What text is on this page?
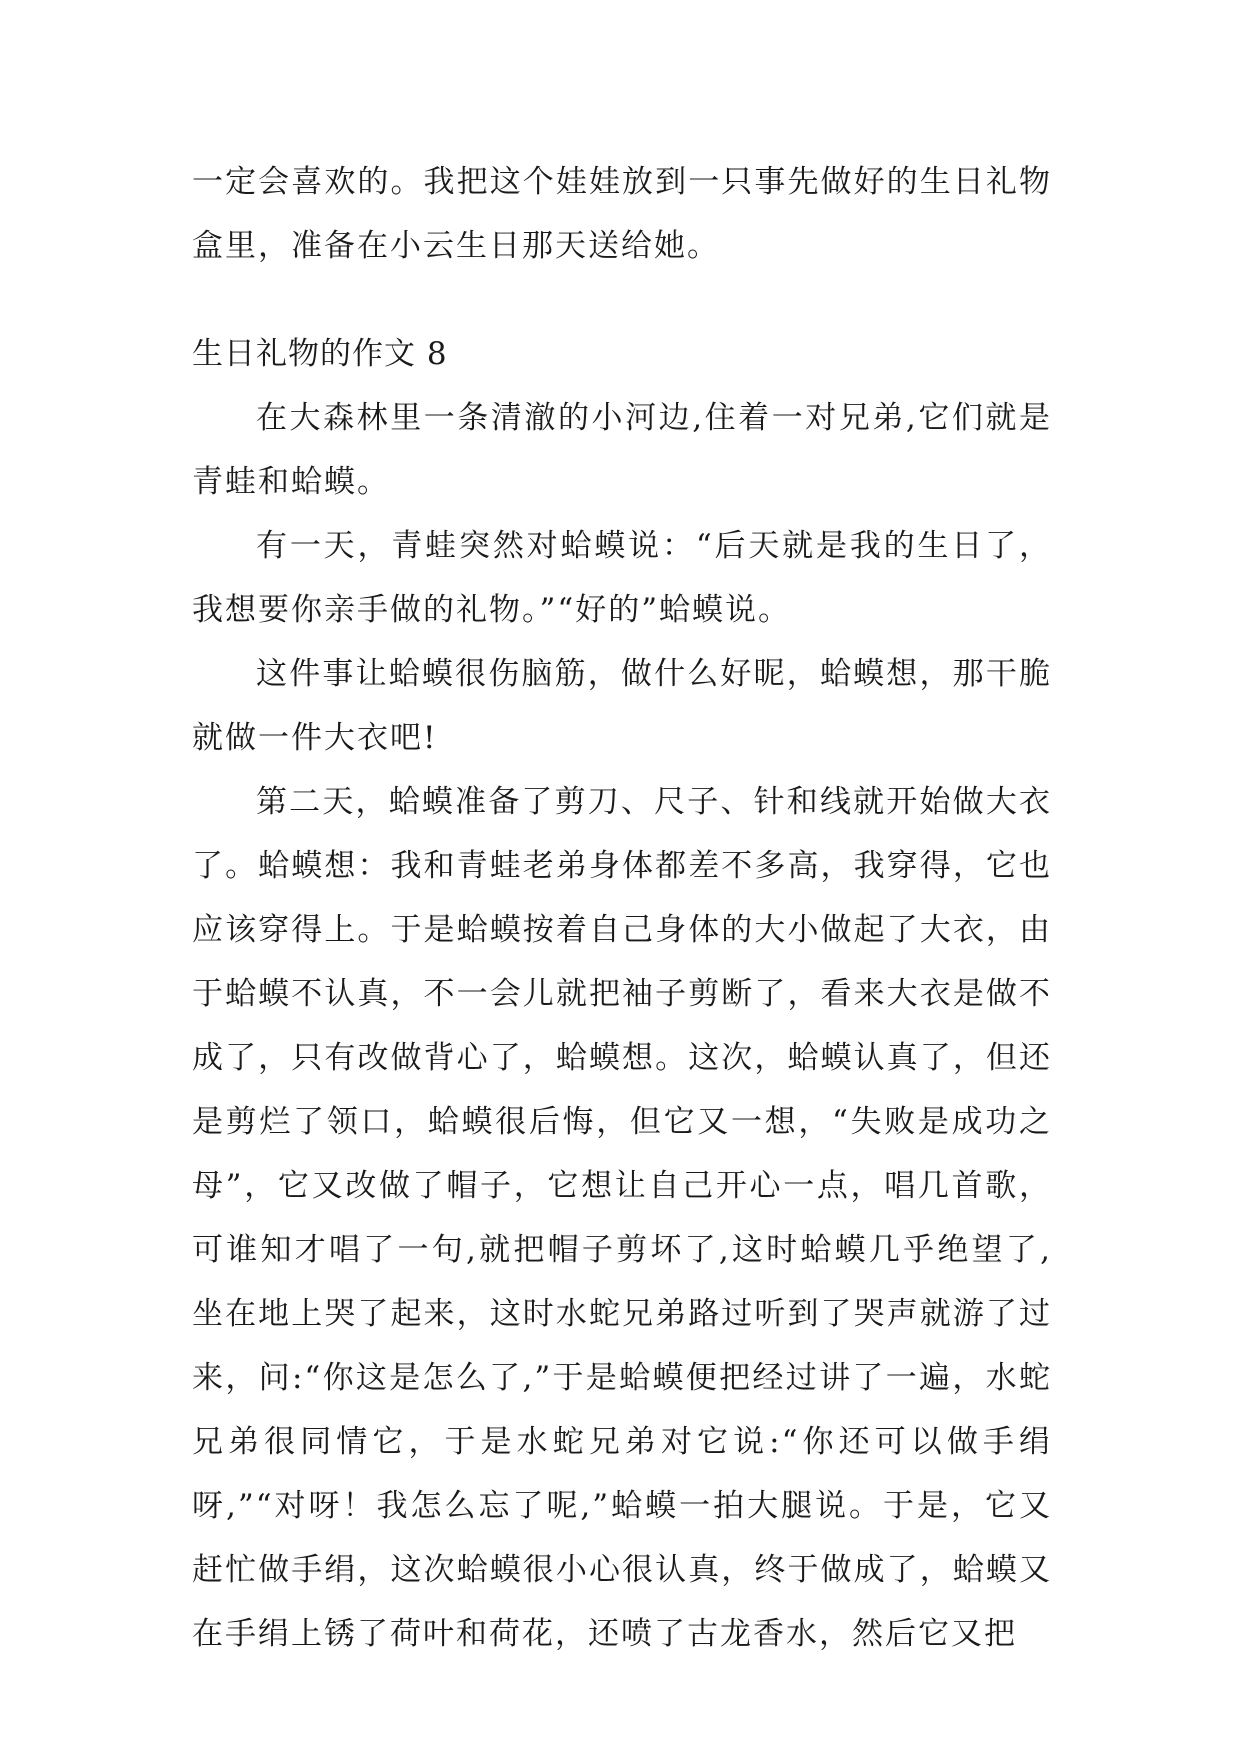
一定会喜欢的。我把这个娃娃放到一只事先做好的生日礼物盒里，准备在小云生日那天送给她。

生日礼物的作文 8

在大森林里一条清澈的小河边,住着一对兄弟,它们就是青蛙和蛤蟆。

有一天，青蛙突然对蛤蟆说：“后天就是我的生日了，我想要你亲手做的礼物。”“好的”蛤蟆说。

这件事让蛤蟆很伤脑筋，做什么好昵，蛤蟆想，那干脆就做一件大衣吧!

第二天，蛤蟆准备了剪刀、尺子、针和线就开始做大衣了。蛤蟆想：我和青蛙老弟身体都差不多高，我穿得，它也应该穿得上。于是蛤蟆按着自己身体的大小做起了大衣，由于蛤蟆不认真，不一会儿就把袖子剪断了，看来大衣是做不成了，只有改做背心了，蛤蟆想。这次，蛤蟆认真了，但还是剪烂了领口，蛤蟆很后悔，但它又一想，“失败是成功之母”，它又改做了帽子，它想让自己开心一点，唱几首歌，可谁知才唱了一句,就把帽子剪坏了,这时蛤蟆几乎绝望了,坐在地上哭了起来，这时水蛇兄弟路过听到了哭声就游了过来，问:“你这是怎么了,”于是蛤蟆便把经过讲了一遍，水蛇兄弟很同情它，于是水蛇兄弟对它说:“你还可以做手绢呀,”“对呀！我怎么忘了呢,”蛤蟆一拍大腿说。于是，它又赶忙做手绢，这次蛤蟆很小心很认真，终于做成了，蛤蟆又在手绢上锈了荷叶和荷花，还喷了古龙香水，然后它又把
